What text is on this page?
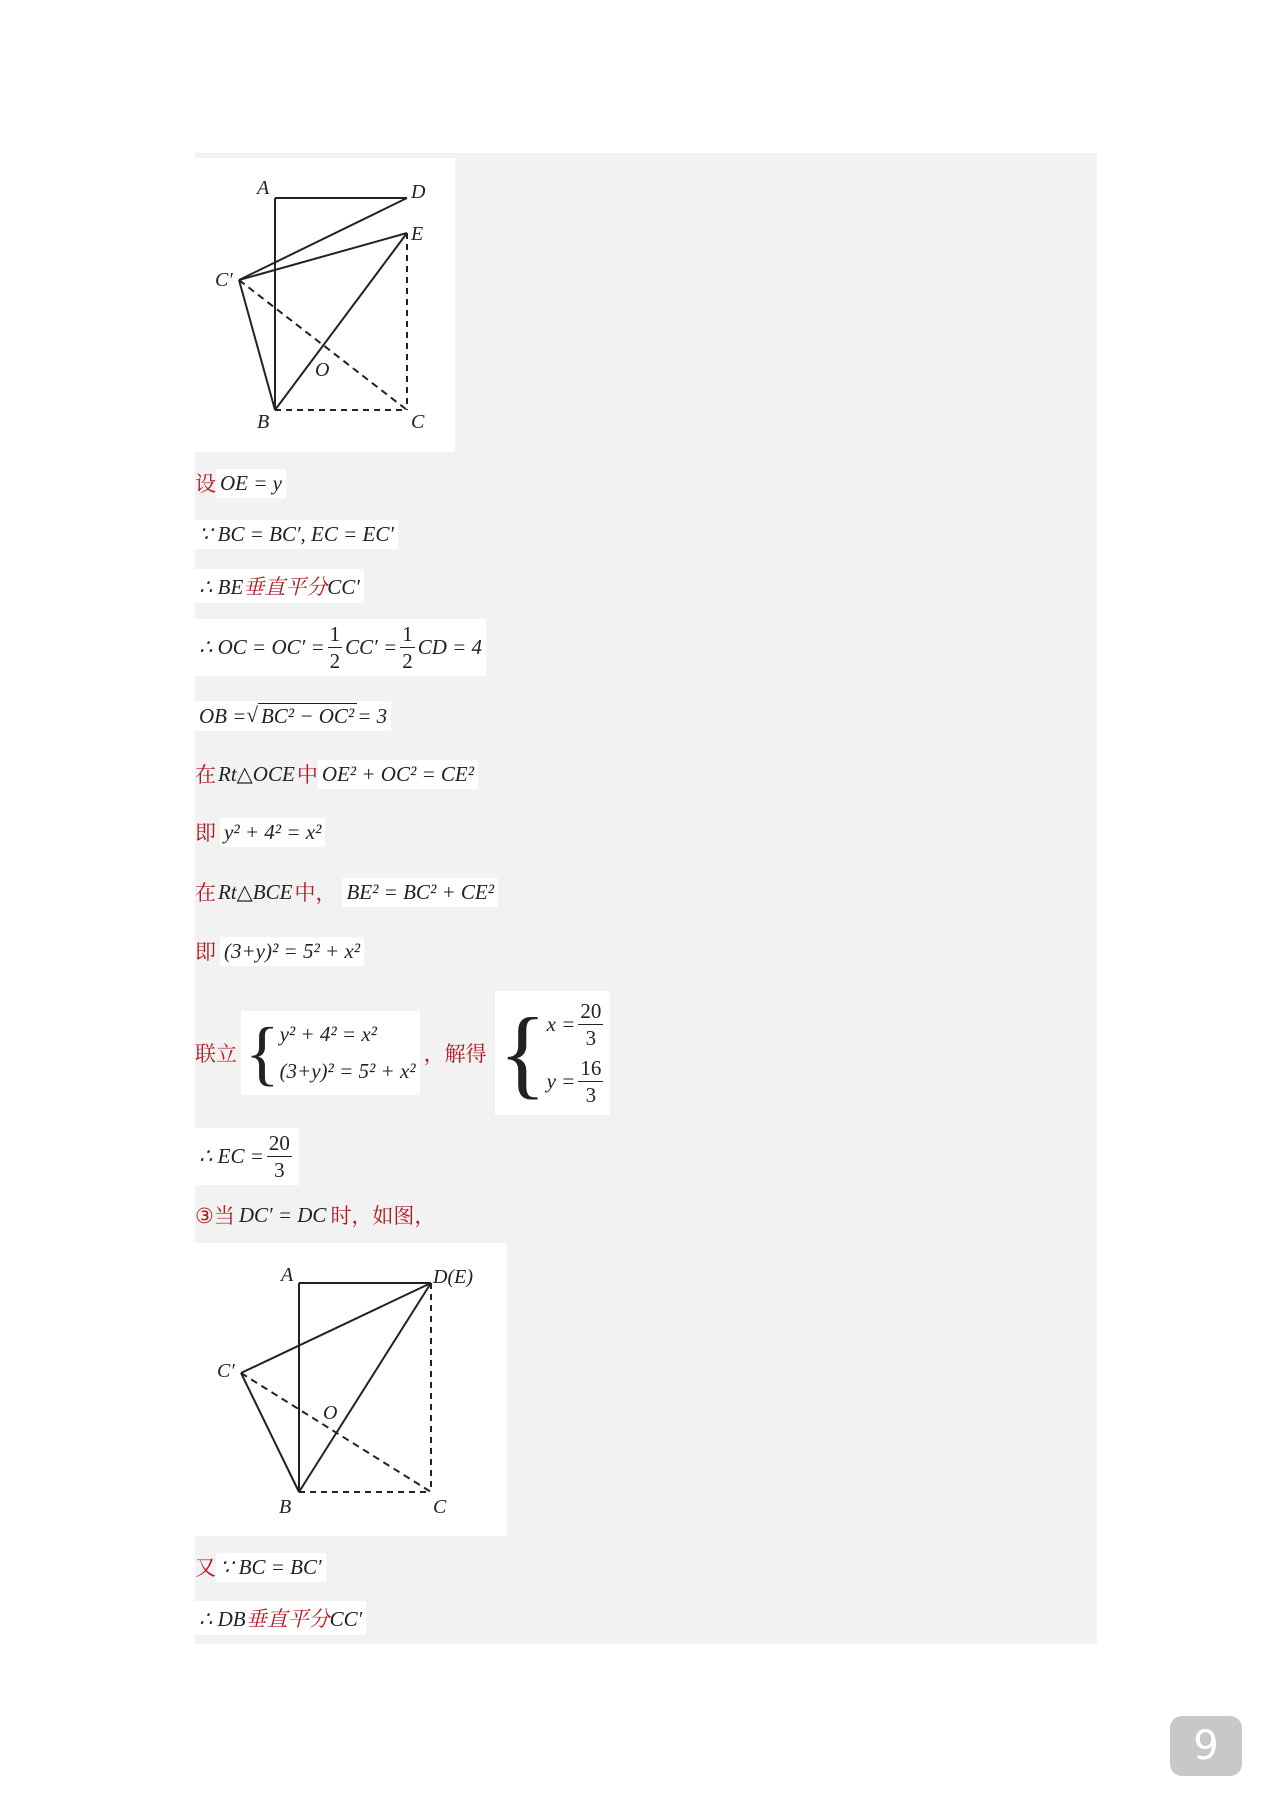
A	D
E
C′
O
B	C
设 OE = y
∵ BC = BC′, EC = EC′
∴ BE垂直平分CC′
∴ OC = $OC' = \frac{1}{2} CC' = \frac{1}{2}$ CD = 4
OB = √ BC² − OC² = 3
在 Rt△OCE 中 OE² + OC² = CE²
即 y² + 4² = x²
在 Rt△BCE 中， BE² = BC² + CE²
即 (3+y)² = 5² + x²
联立 { y² + 4² = x²
(3+y)² = 5² + x²
，解得 { $x = \frac{20}{3}$
$y = \frac{16}{3}$
∴ EC = $\frac{20}{3}$
③当 DC′ = DC 时，如图，
A	D(E)
C′
O
B	C
又 ∵ BC = BC′
∴ DB垂直平分CC′
9
